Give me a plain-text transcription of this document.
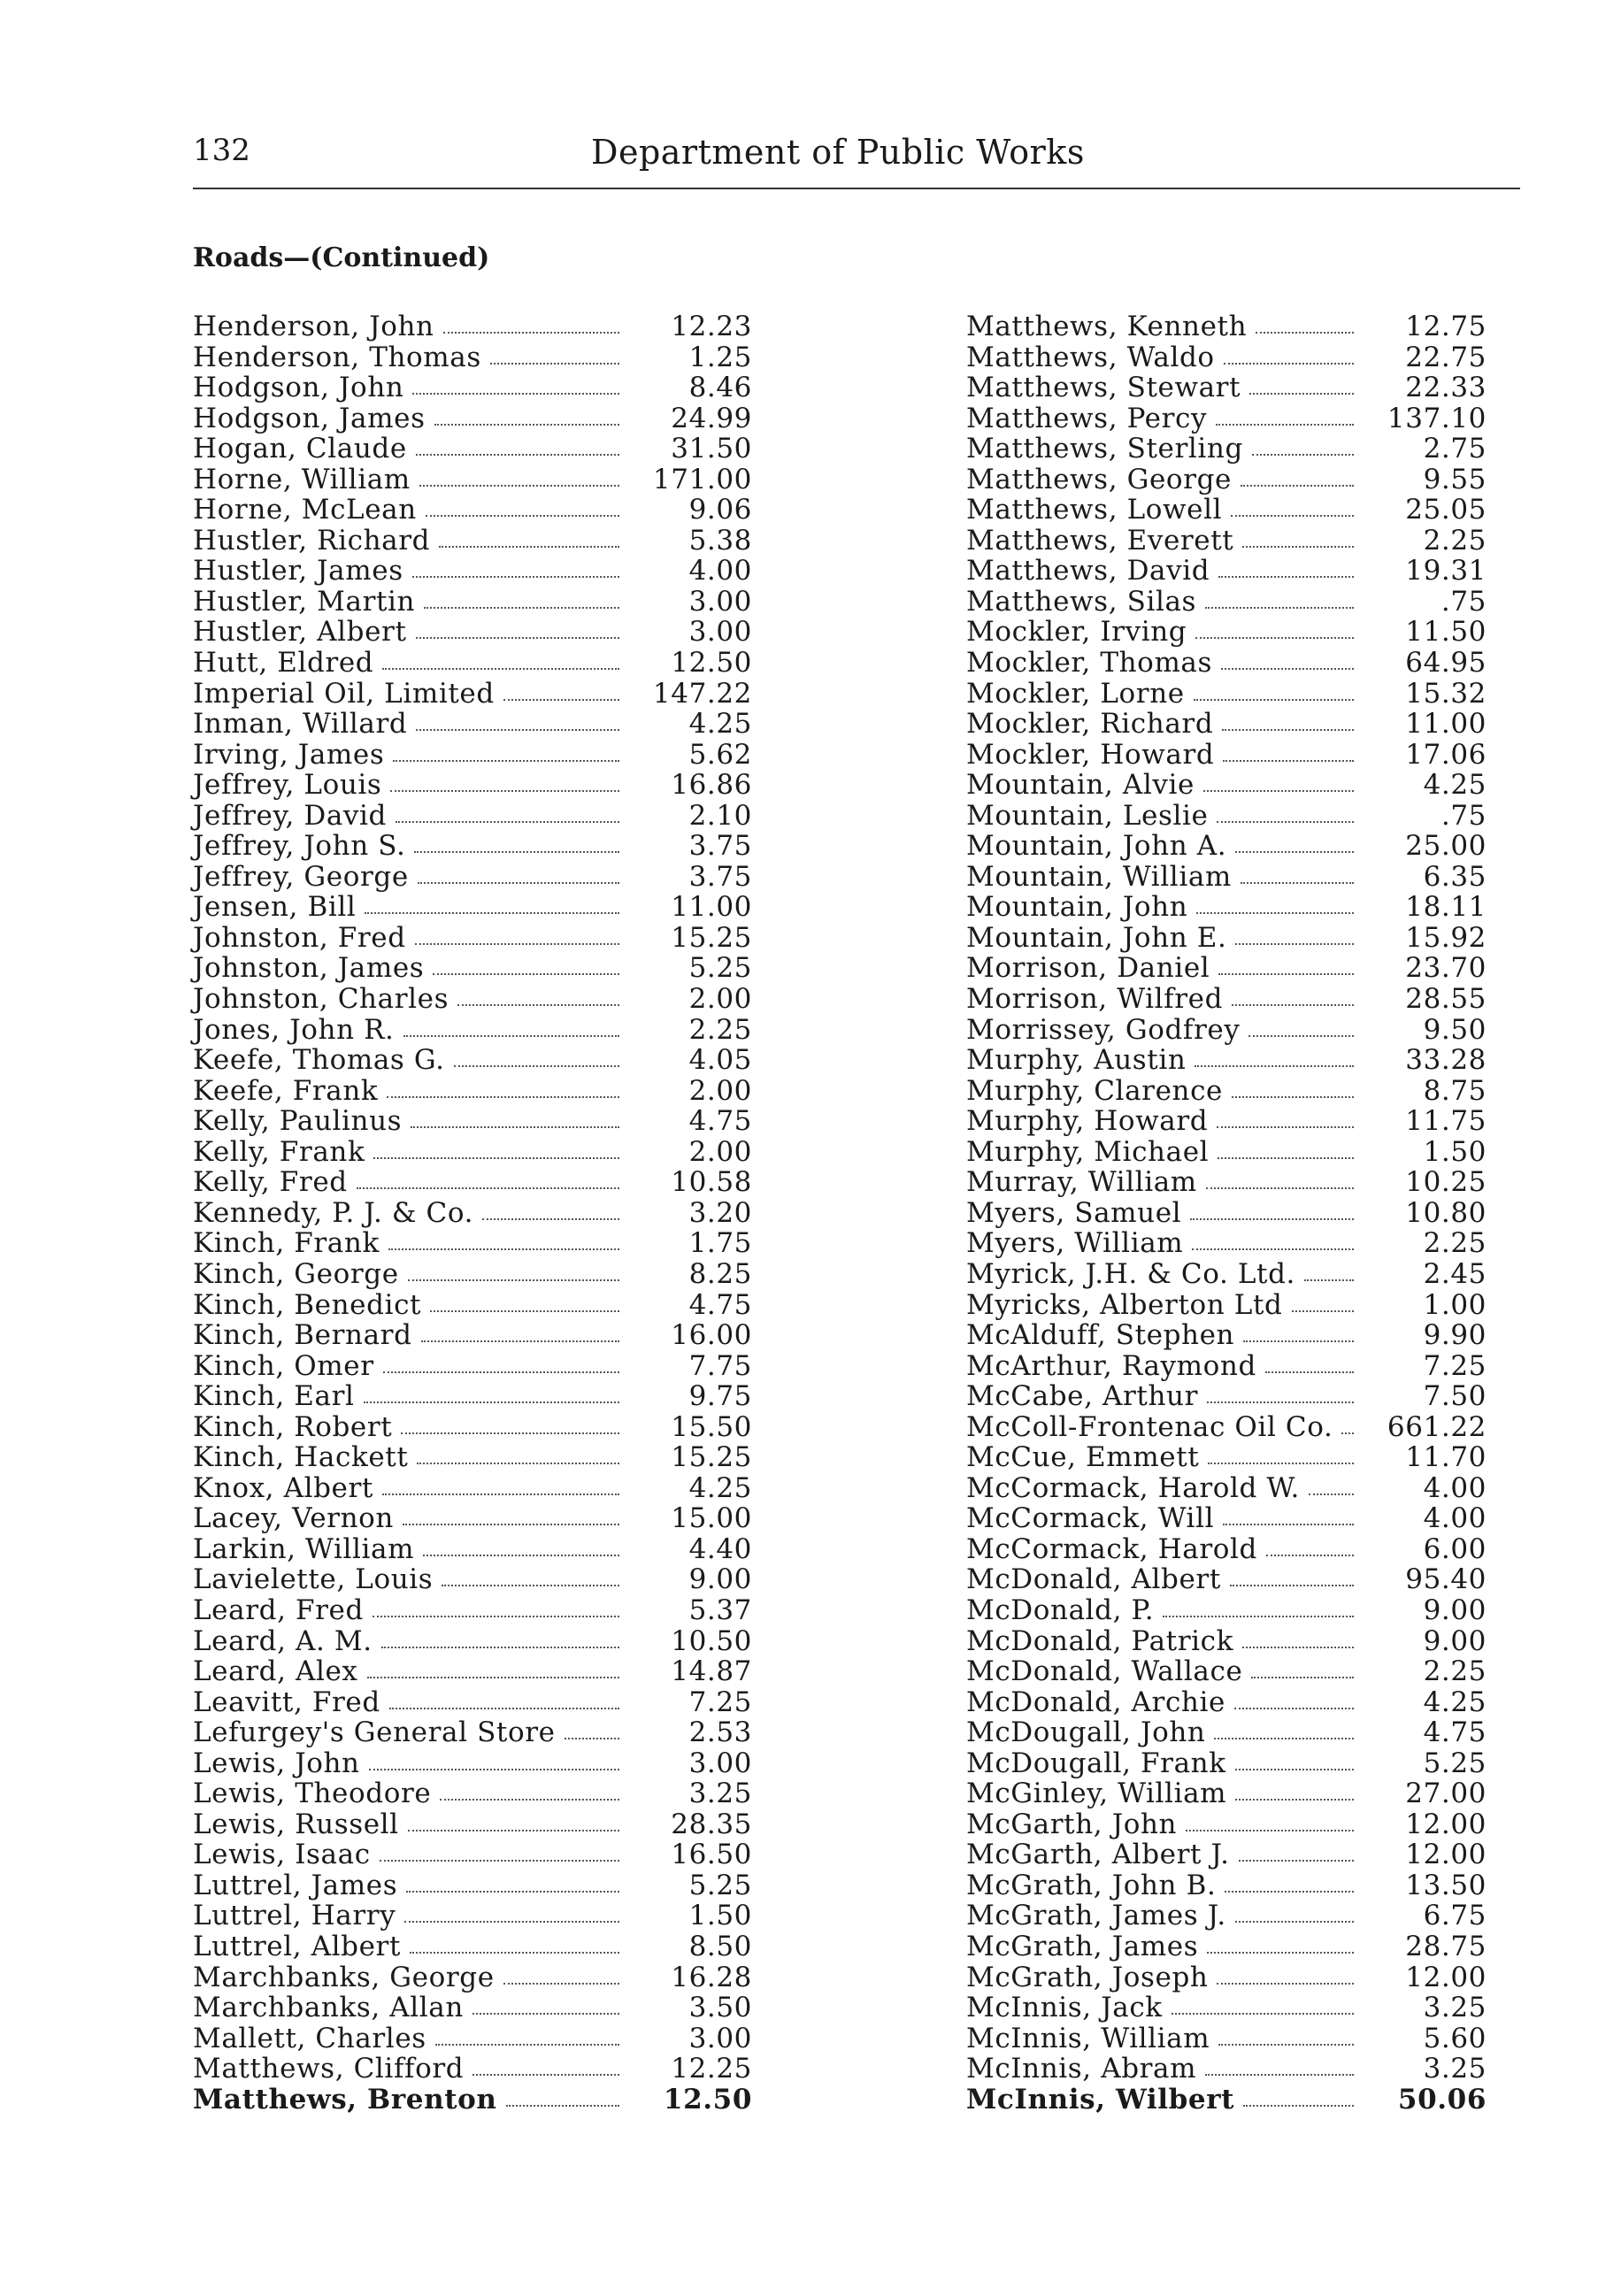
132	Department of Public Works
Roads—(Continued)
Henderson, John	12.23
Henderson, Thomas	1.25
Hodgson, John	8.46
Hodgson, James	24.99
Hogan, Claude	31.50
Horne, William	171.00
Horne, McLean	9.06
Hustler, Richard	5.38
Hustler, James	4.00
Hustler, Martin	3.00
Hustler, Albert	3.00
Hutt, Eldred	12.50
Imperial Oil, Limited	147.22
Inman, Willard	4.25
Irving, James	5.62
Jeffrey, Louis	16.86
Jeffrey, David	2.10
Jeffrey, John S.	3.75
Jeffrey, George	3.75
Jensen, Bill	11.00
Johnston, Fred	15.25
Johnston, James	5.25
Johnston, Charles	2.00
Jones, John R.	2.25
Keefe, Thomas G.	4.05
Keefe, Frank	2.00
Kelly, Paulinus	4.75
Kelly, Frank	2.00
Kelly, Fred	10.58
Kennedy, P. J. & Co.	3.20
Kinch, Frank	1.75
Kinch, George	8.25
Kinch, Benedict	4.75
Kinch, Bernard	16.00
Kinch, Omer	7.75
Kinch, Earl	9.75
Kinch, Robert	15.50
Kinch, Hackett	15.25
Knox, Albert	4.25
Lacey, Vernon	15.00
Larkin, William	4.40
Lavielette, Louis	9.00
Leard, Fred	5.37
Leard, A. M.	10.50
Leard, Alex	14.87
Leavitt, Fred	7.25
Lefurgey's General Store	2.53
Lewis, John	3.00
Lewis, Theodore	3.25
Lewis, Russell	28.35
Lewis, Isaac	16.50
Luttrel, James	5.25
Luttrel, Harry	1.50
Luttrel, Albert	8.50
Marchbanks, George	16.28
Marchbanks, Allan	3.50
Mallett, Charles	3.00
Matthews, Clifford	12.25
Matthews, Brenton	12.50
Matthews, Kenneth	12.75
Matthews, Waldo	22.75
Matthews, Stewart	22.33
Matthews, Percy	137.10
Matthews, Sterling	2.75
Matthews, George	9.55
Matthews, Lowell	25.05
Matthews, Everett	2.25
Matthews, David	19.31
Matthews, Silas	.75
Mockler, Irving	11.50
Mockler, Thomas	64.95
Mockler, Lorne	15.32
Mockler, Richard	11.00
Mockler, Howard	17.06
Mountain, Alvie	4.25
Mountain, Leslie	.75
Mountain, John A.	25.00
Mountain, William	6.35
Mountain, John	18.11
Mountain, John E.	15.92
Morrison, Daniel	23.70
Morrison, Wilfred	28.55
Morrissey, Godfrey	9.50
Murphy, Austin	33.28
Murphy, Clarence	8.75
Murphy, Howard	11.75
Murphy, Michael	1.50
Murray, William	10.25
Myers, Samuel	10.80
Myers, William	2.25
Myrick, J.H. & Co. Ltd.	2.45
Myricks, Alberton Ltd	1.00
McAlduff, Stephen	9.90
McArthur, Raymond	7.25
McCabe, Arthur	7.50
McColl-Frontenac Oil Co. 661.22
McCue, Emmett	11.70
McCormack, Harold W.	4.00
McCormack, Will	4.00
McCormack, Harold	6.00
McDonald, Albert	95.40
McDonald, P.	9.00
McDonald, Patrick	9.00
McDonald, Wallace	2.25
McDonald, Archie	4.25
McDougall, John	4.75
McDougall, Frank	5.25
McGinley, William	27.00
McGarth, John	12.00
McGarth, Albert J.	12.00
McGrath, John B.	13.50
McGrath, James J.	6.75
McGrath, James	28.75
McGrath, Joseph	12.00
McInnis, Jack	3.25
McInnis, William	5.60
McInnis, Abram	3.25
McInnis, Wilbert	50.06
